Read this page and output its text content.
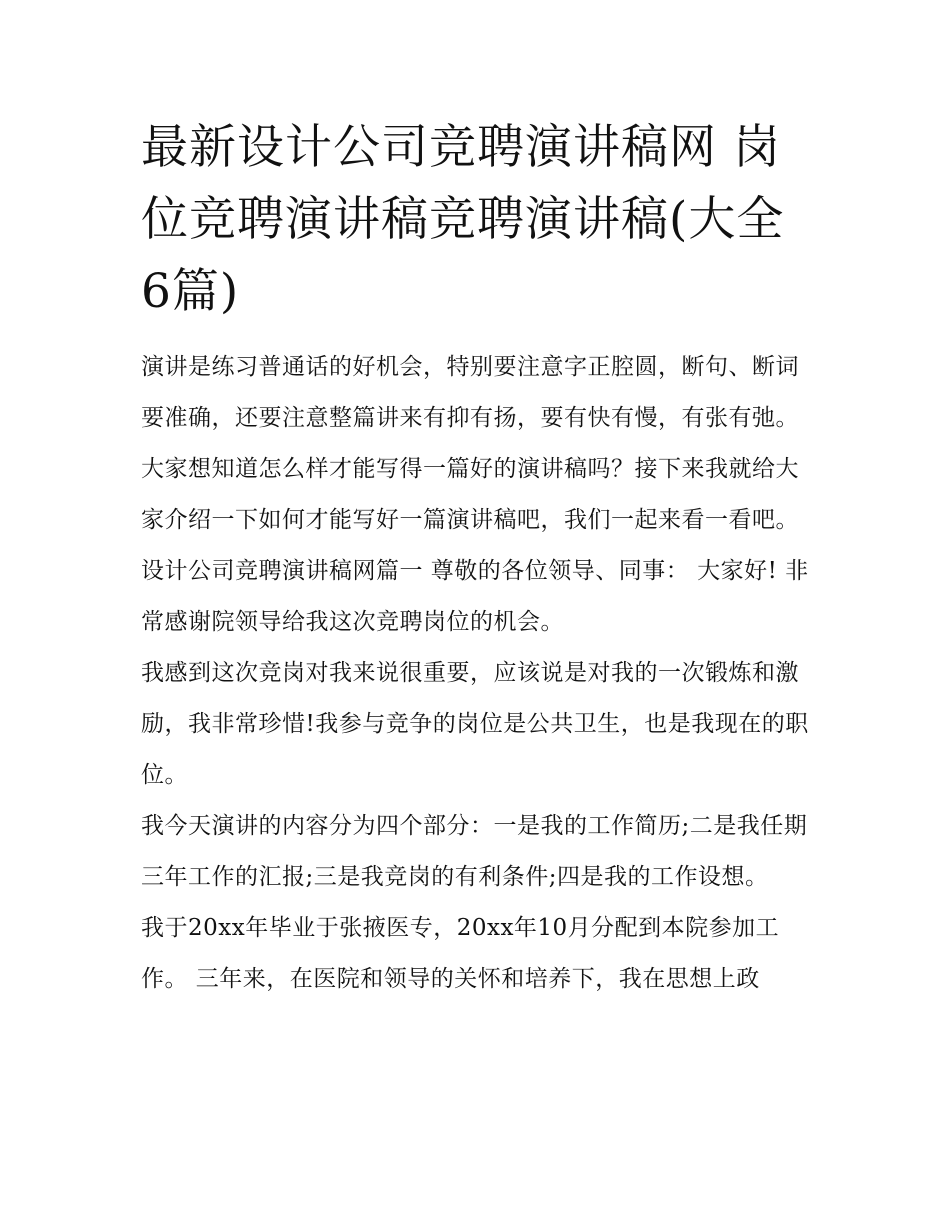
最新设计公司竞聘演讲稿网 岗位竞聘演讲稿竞聘演讲稿(大全6篇)

演讲是练习普通话的好机会，特别要注意字正腔圆，断句、断词要准确，还要注意整篇讲来有抑有扬，要有快有慢，有张有弛。大家想知道怎么样才能写得一篇好的演讲稿吗？接下来我就给大家介绍一下如何才能写好一篇演讲稿吧，我们一起来看一看吧。

设计公司竞聘演讲稿网篇一 尊敬的各位领导、同事： 大家好! 非常感谢院领导给我这次竞聘岗位的机会。

我感到这次竞岗对我来说很重要，应该说是对我的一次锻炼和激励，我非常珍惜!我参与竞争的岗位是公共卫生，也是我现在的职位。

我今天演讲的内容分为四个部分：一是我的工作简历;二是我任期三年工作的汇报;三是我竞岗的有利条件;四是我的工作设想。

我于20xx年毕业于张掖医专，20xx年10月分配到本院参加工作。 三年来，在医院和领导的关怀和培养下，我在思想上政
